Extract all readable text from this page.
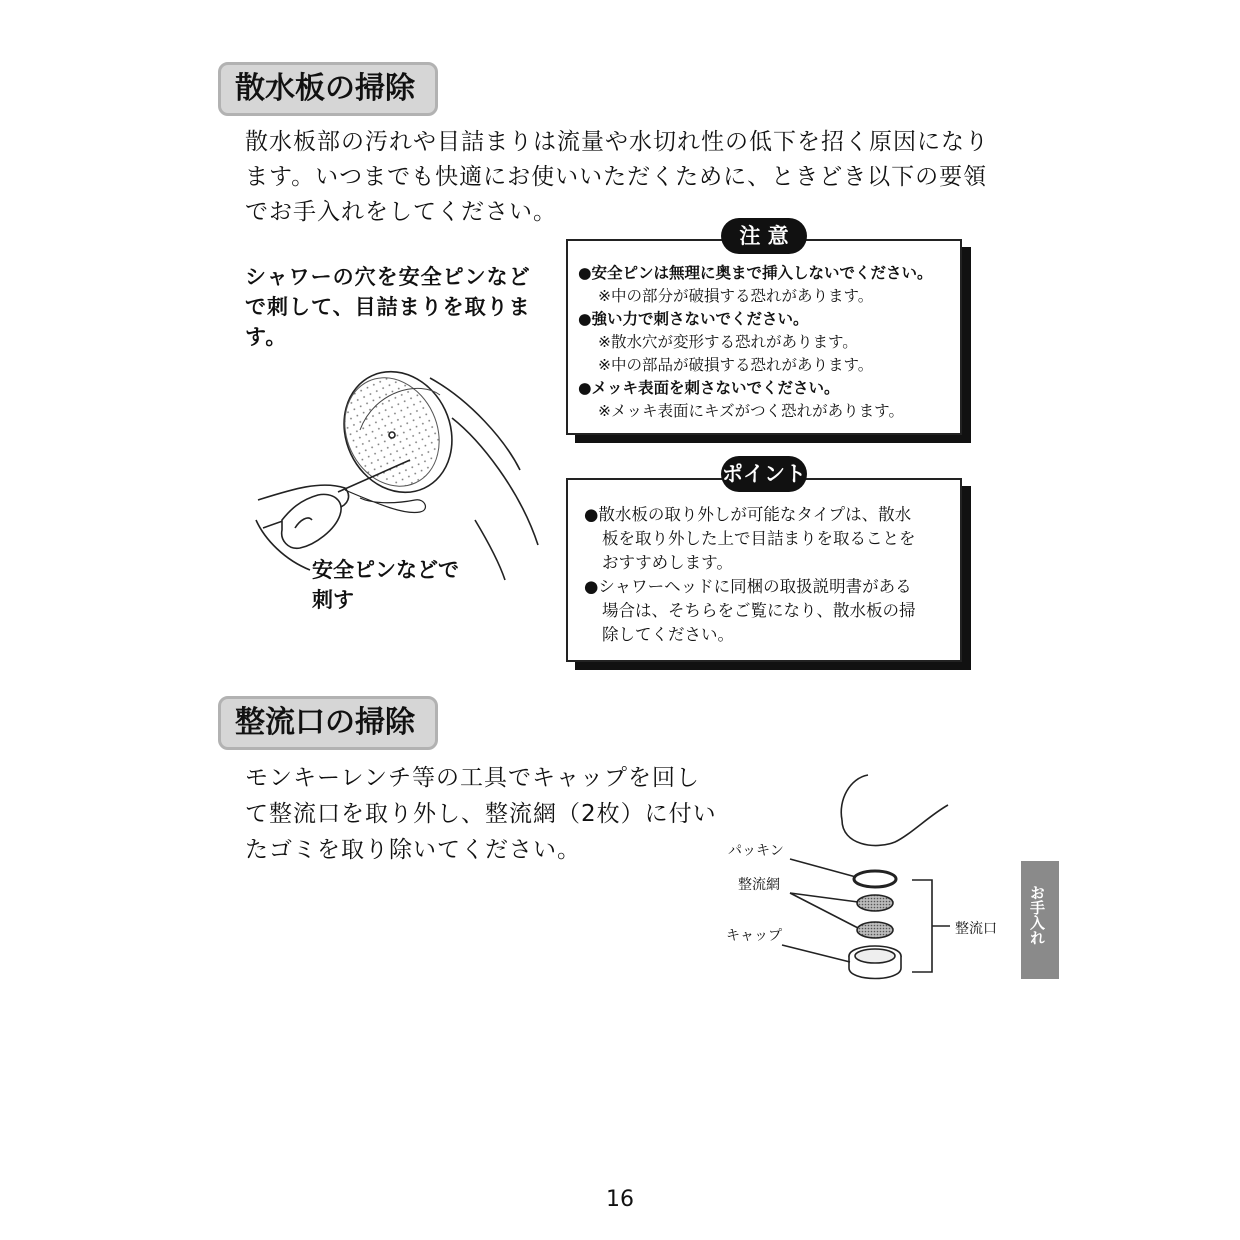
散水板の掃除
散水板部の汚れや目詰まりは流量や水切れ性の低下を招く原因になり
ます。いつまでも快適にお使いいただくために、ときどき以下の要領
でお手入れをしてください。
シャワーの穴を安全ピンなど
で刺して、目詰まりを取りま
す。
安全ピンなどで
刺す
注 意
●安全ピンは無理に奥まで挿入しないでください。
※中の部分が破損する恐れがあります。
●強い力で刺さないでください。
※散水穴が変形する恐れがあります。
※中の部品が破損する恐れがあります。
●メッキ表面を刺さないでください。
※メッキ表面にキズがつく恐れがあります。
ポイント
●散水板の取り外しが可能なタイプは、散水
板を取り外した上で目詰まりを取ることを
おすすめします。
●シャワーヘッドに同梱の取扱説明書がある
場合は、そちらをご覧になり、散水板の掃
除してください。
整流口の掃除
モンキーレンチ等の工具でキャップを回し
て整流口を取り外し、整流網（2枚）に付い
たゴミを取り除いてください。	パッキン
整流網
キャップ	整流口 お手入れ
16
